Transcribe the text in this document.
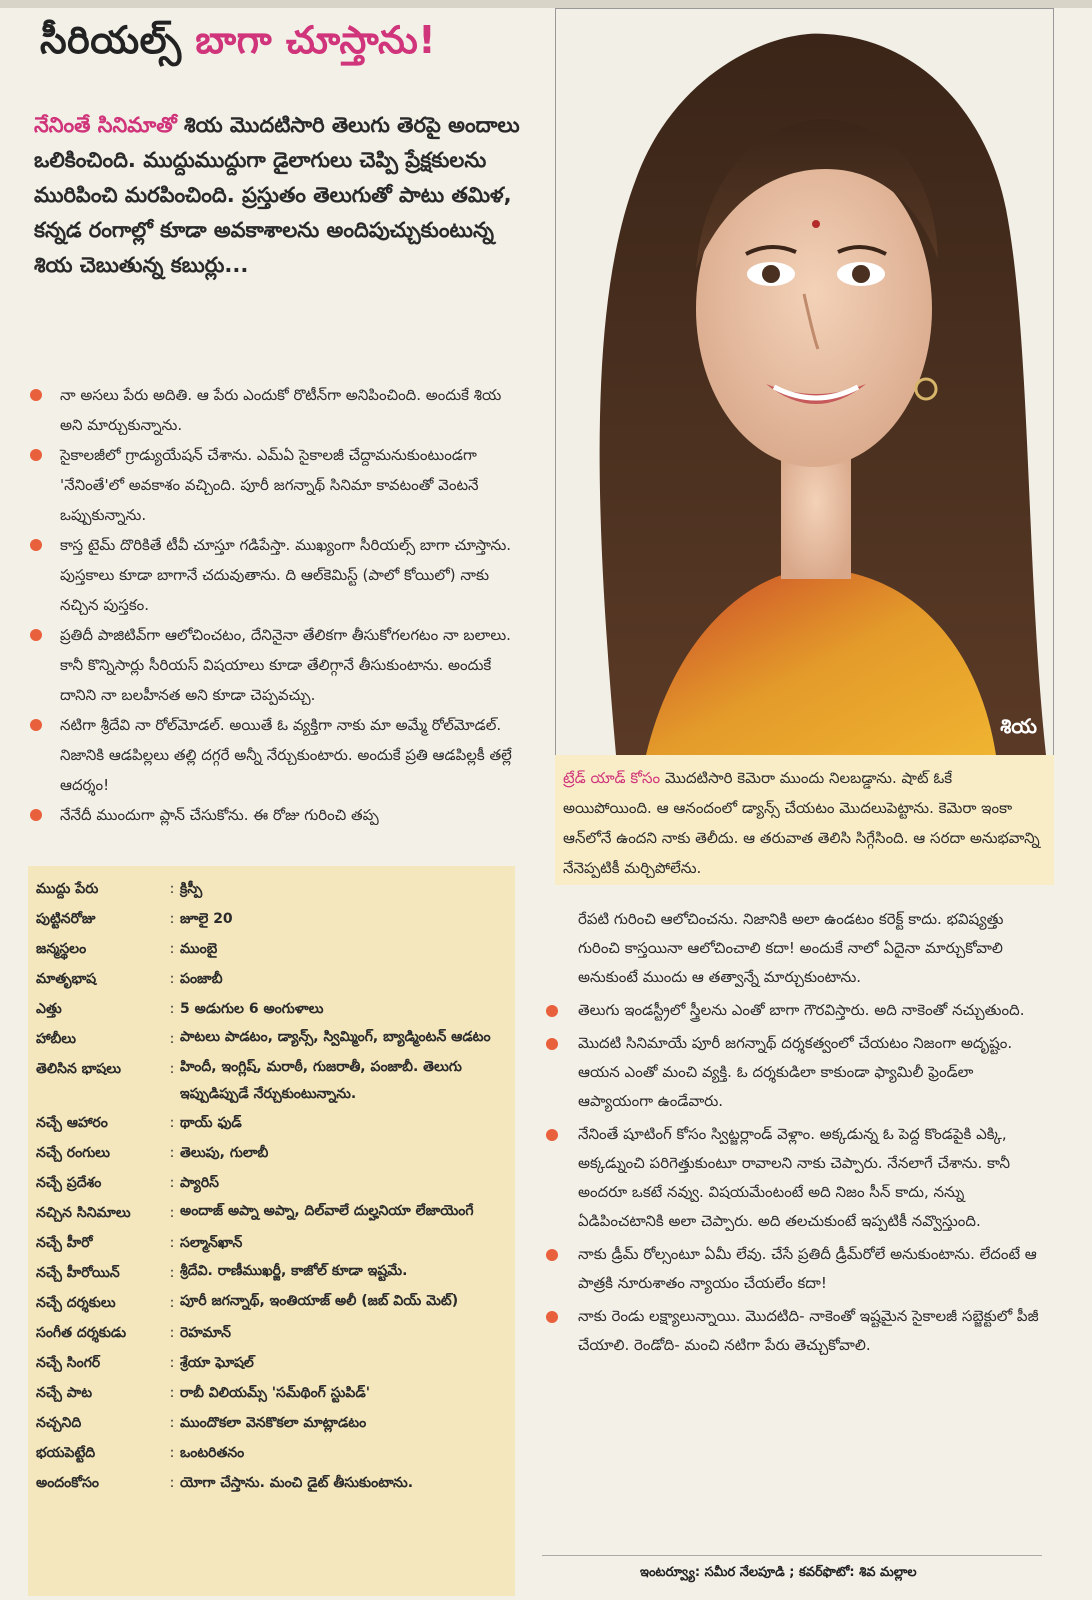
సీరియల్స్ బాగా చూస్తాను!

నేనింతే సినిమాతో శియ మొదటిసారి తెలుగు తెరపై అందాలు ఒలికించింది. ముద్దుముద్దుగా డైలాగులు చెప్పి ప్రేక్షకులను మురిపించి మరపించింది. ప్రస్తుతం తెలుగుతో పాటు తమిళ, కన్నడ రంగాల్లో కూడా అవకాశాలను అందిపుచ్చుకుంటున్న శియ చెబుతున్న కబుర్లు...

నా అసలు పేరు అదితి. ఆ పేరు ఎందుకో రొటీన్‌గా అనిపించింది. అందుకే శియ అని మార్చుకున్నాను.
సైకాలజీలో గ్రాడ్యుయేషన్ చేశాను. ఎమ్‌ఏ సైకాలజీ చేద్దామనుకుంటుండగా 'నేనింతే'లో అవకాశం వచ్చింది. పూరీ జగన్నాథ్ సినిమా కావటంతో వెంటనే ఒప్పుకున్నాను.
కాస్త టైమ్ దొరికితే టీవీ చూస్తూ గడిపేస్తా. ముఖ్యంగా సీరియల్స్ బాగా చూస్తాను. పుస్తకాలు కూడా బాగానే చదువుతాను. ది ఆల్‌కెమిస్ట్ (పాలో కోయిలో) నాకు నచ్చిన పుస్తకం.
ప్రతిదీ పాజిటివ్‌గా ఆలోచించటం, దేనినైనా తేలికగా తీసుకోగలగటం నా బలాలు. కానీ కొన్నిసార్లు సీరియస్ విషయాలు కూడా తేలిగ్గానే తీసుకుంటాను. అందుకే దానిని నా బలహీనత అని కూడా చెప్పవచ్చు.
నటిగా శ్రీదేవి నా రోల్‌మోడల్. అయితే ఓ వ్యక్తిగా నాకు మా అమ్మే రోల్‌మోడల్. నిజానికి ఆడపిల్లలు తల్లి దగ్గరే అన్నీ నేర్చుకుంటారు. అందుకే ప్రతి ఆడపిల్లకీ తల్లే ఆదర్శం!
నేనేదీ ముందుగా ప్లాన్ చేసుకోను. ఈ రోజు గురించి తప్ప
శియ
ట్రేడ్ యాడ్ కోసం మొదటిసారి కెమెరా ముందు నిలబడ్డాను. షాట్ ఓకే అయిపోయింది. ఆ ఆనందంలో డ్యాన్స్ చేయటం మొదలుపెట్టాను. కెమెరా ఇంకా ఆన్‌లోనే ఉందని నాకు తెలీదు. ఆ తరువాత తెలిసి సిగ్గేసింది. ఆ సరదా అనుభవాన్ని నేనెప్పటికీ మర్చిపోలేను.
ముద్దు పేరు	: క్రిస్పీ
పుట్టినరోజు	: జూలై 20
జన్మస్థలం	: ముంబై
మాతృభాష	: పంజాబీ
ఎత్తు	: 5 అడుగుల 6 అంగుళాలు
హాబీలు	: పాటలు పాడటం, డ్యాన్స్, స్విమ్మింగ్, బ్యాడ్మింటన్ ఆడటం
తెలిసిన భాషలు	: హిందీ, ఇంగ్లిష్, మరాఠీ, గుజరాతీ, పంజాబీ. తెలుగు ఇప్పుడిప్పుడే నేర్చుకుంటున్నాను.
నచ్చే ఆహారం	: థాయ్ ఫుడ్
నచ్చే రంగులు	: తెలుపు, గులాబీ
నచ్చే ప్రదేశం	: ప్యారిస్
నచ్చిన సినిమాలు	: అందాజ్ అప్నా అప్నా, దిల్‌వాలే దుల్హనియా లేజాయెంగే
నచ్చే హీరో	: సల్మాన్‌ఖాన్
నచ్చే హీరోయిన్	: శ్రీదేవి. రాణీముఖర్జీ, కాజోల్ కూడా ఇష్టమే.
నచ్చే దర్శకులు	: పూరీ జగన్నాథ్, ఇంతియాజ్ అలీ (జబ్ వియ్ మెట్)
సంగీత దర్శకుడు	: రెహమాన్
నచ్చే సింగర్	: శ్రేయా ఘోషల్
నచ్చే పాట	: రాబీ విలియమ్స్ 'సమ్‌థింగ్ స్టుపిడ్'
నచ్చనిది	: ముందొకలా వెనకొకలా మాట్లాడటం
భయపెట్టేది	: ఒంటరితనం
అందంకోసం	: యోగా చేస్తాను. మంచి డైట్ తీసుకుంటాను.

రేపటి గురించి ఆలోచించను. నిజానికి అలా ఉండటం కరెక్ట్ కాదు. భవిష్యత్తు గురించి కాస్తయినా ఆలోచించాలి కదా! అందుకే నాలో ఏదైనా మార్చుకోవాలి అనుకుంటే ముందు ఆ తత్వాన్నే మార్చుకుంటాను.

తెలుగు ఇండస్ట్రీలో స్త్రీలను ఎంతో బాగా గౌరవిస్తారు. అది నాకెంతో నచ్చుతుంది.
మొదటి సినిమాయే పూరీ జగన్నాథ్ దర్శకత్వంలో చేయటం నిజంగా అదృష్టం. ఆయన ఎంతో మంచి వ్యక్తి. ఓ దర్శకుడిలా కాకుండా ఫ్యామిలీ ఫ్రెండ్‌లా ఆప్యాయంగా ఉండేవారు.
నేనింతే షూటింగ్ కోసం స్విట్జర్లాండ్ వెళ్లాం. అక్కడున్న ఓ పెద్ద కొండపైకి ఎక్కి, అక్కడ్నుంచి పరిగెత్తుకుంటూ రావాలని నాకు చెప్పారు. నేనలాగే చేశాను. కానీ అందరూ ఒకటే నవ్వు. విషయమేంటంటే అది నిజం సీన్ కాదు, నన్ను ఏడిపించటానికి అలా చెప్పారు. అది తలచుకుంటే ఇప్పటికీ నవ్వొస్తుంది.
నాకు డ్రీమ్ రోల్సంటూ ఏమీ లేవు. చేసే ప్రతిదీ డ్రీమ్‌రోలే అనుకుంటాను. లేదంటే ఆ పాత్రకి నూరుశాతం న్యాయం చేయలేం కదా!
నాకు రెండు లక్ష్యాలున్నాయి. మొదటిది- నాకెంతో ఇష్టమైన సైకాలజీ సబ్జెక్టులో పీజీ చేయాలి. రెండోది- మంచి నటిగా పేరు తెచ్చుకోవాలి.
ఇంటర్వ్యూ: సమీర నేలపూడి ; కవర్‌ఫొటో: శివ మల్లాల
